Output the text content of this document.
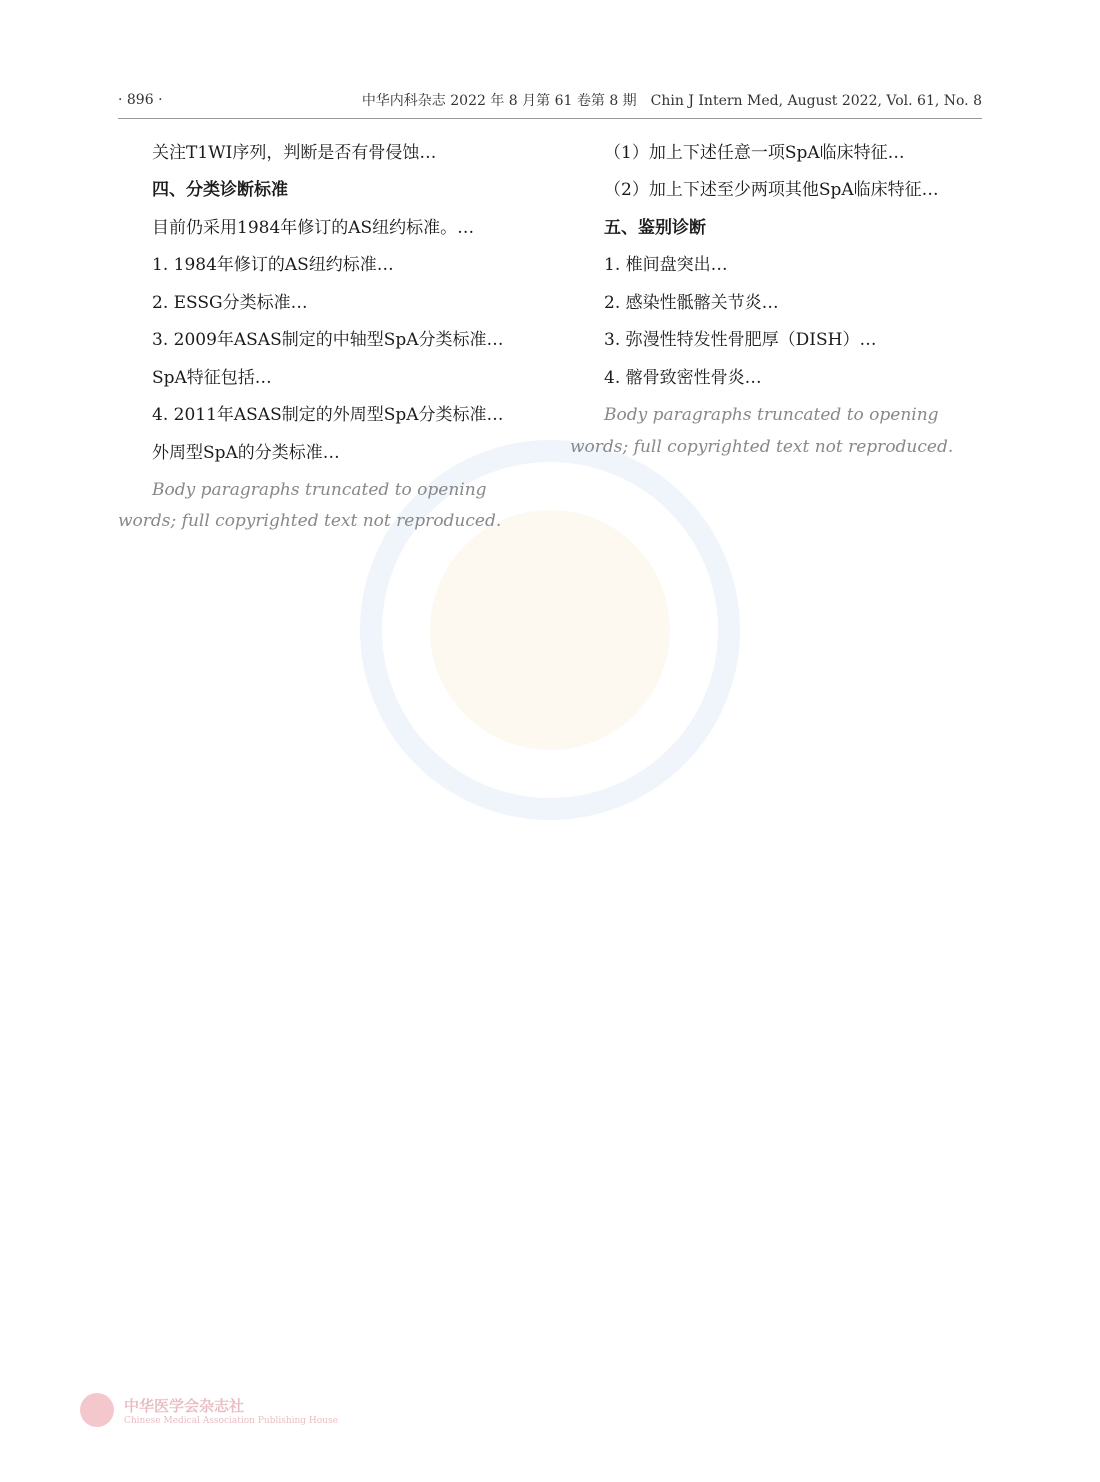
· 896 ·	中华内科杂志 2022 年 8 月第 61 卷第 8 期　Chin J Intern Med, August 2022, Vol. 61, No. 8

关注T1WI序列，判断是否有骨侵蚀…

四、分类诊断标准

目前仍采用1984年修订的AS纽约标准。…

1. 1984年修订的AS纽约标准…

2. ESSG分类标准…

3. 2009年ASAS制定的中轴型SpA分类标准…

SpA特征包括…

4. 2011年ASAS制定的外周型SpA分类标准…

外周型SpA的分类标准…

Body paragraphs truncated to opening words; full copyrighted text not reproduced.

（1）加上下述任意一项SpA临床特征…

（2）加上下述至少两项其他SpA临床特征…

五、鉴别诊断

1. 椎间盘突出…

2. 感染性骶髂关节炎…

3. 弥漫性特发性骨肥厚（DISH）…

4. 髂骨致密性骨炎…

Body paragraphs truncated to opening words; full copyrighted text not reproduced.

中华医学会杂志社
Chinese Medical Association Publishing House
